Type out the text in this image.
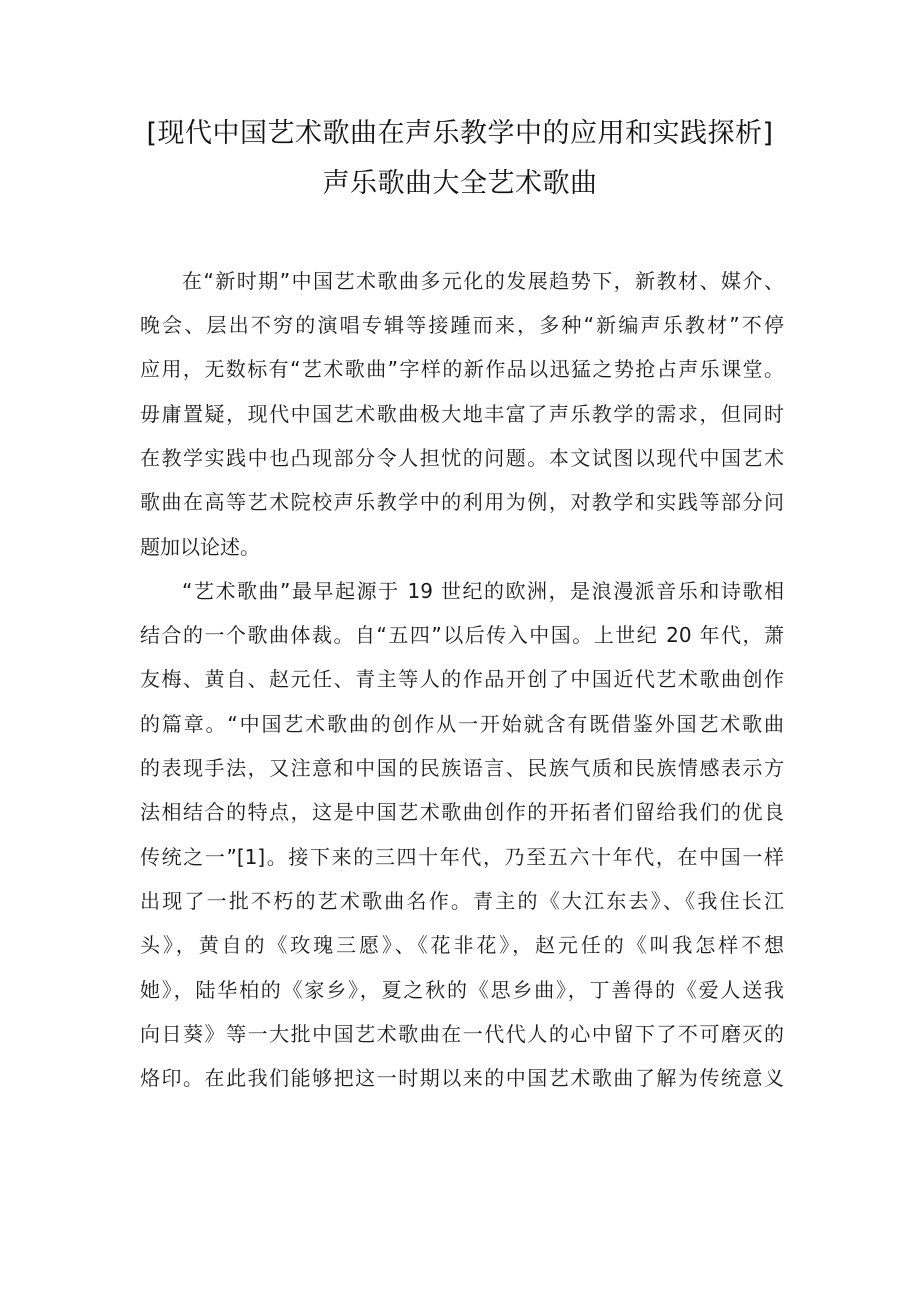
[现代中国艺术歌曲在声乐教学中的应用和实践探析]
声乐歌曲大全艺术歌曲
在“新时期”中国艺术歌曲多元化的发展趋势下，新教材、媒介、
晚会、层出不穷的演唱专辑等接踵而来，多种“新编声乐教材”不停
应用，无数标有“艺术歌曲”字样的新作品以迅猛之势抢占声乐课堂。
毋庸置疑，现代中国艺术歌曲极大地丰富了声乐教学的需求，但同时
在教学实践中也凸现部分令人担忧的问题。本文试图以现代中国艺术
歌曲在高等艺术院校声乐教学中的利用为例，对教学和实践等部分问
题加以论述。
“艺术歌曲”最早起源于 19 世纪的欧洲，是浪漫派音乐和诗歌相
结合的一个歌曲体裁。自“五四”以后传入中国。上世纪 20 年代，萧
友梅、黄自、赵元任、青主等人的作品开创了中国近代艺术歌曲创作
的篇章。“中国艺术歌曲的创作从一开始就含有既借鉴外国艺术歌曲
的表现手法，又注意和中国的民族语言、民族气质和民族情感表示方
法相结合的特点，这是中国艺术歌曲创作的开拓者们留给我们的优良
传统之一”[1]。接下来的三四十年代，乃至五六十年代，在中国一样
出现了一批不朽的艺术歌曲名作。青主的《大江东去》、《我住长江
头》，黄自的《玫瑰三愿》、《花非花》，赵元任的《叫我怎样不想
她》，陆华柏的《家乡》，夏之秋的《思乡曲》，丁善得的《爱人送我
向日葵》等一大批中国艺术歌曲在一代代人的心中留下了不可磨灭的
烙印。在此我们能够把这一时期以来的中国艺术歌曲了解为传统意义
